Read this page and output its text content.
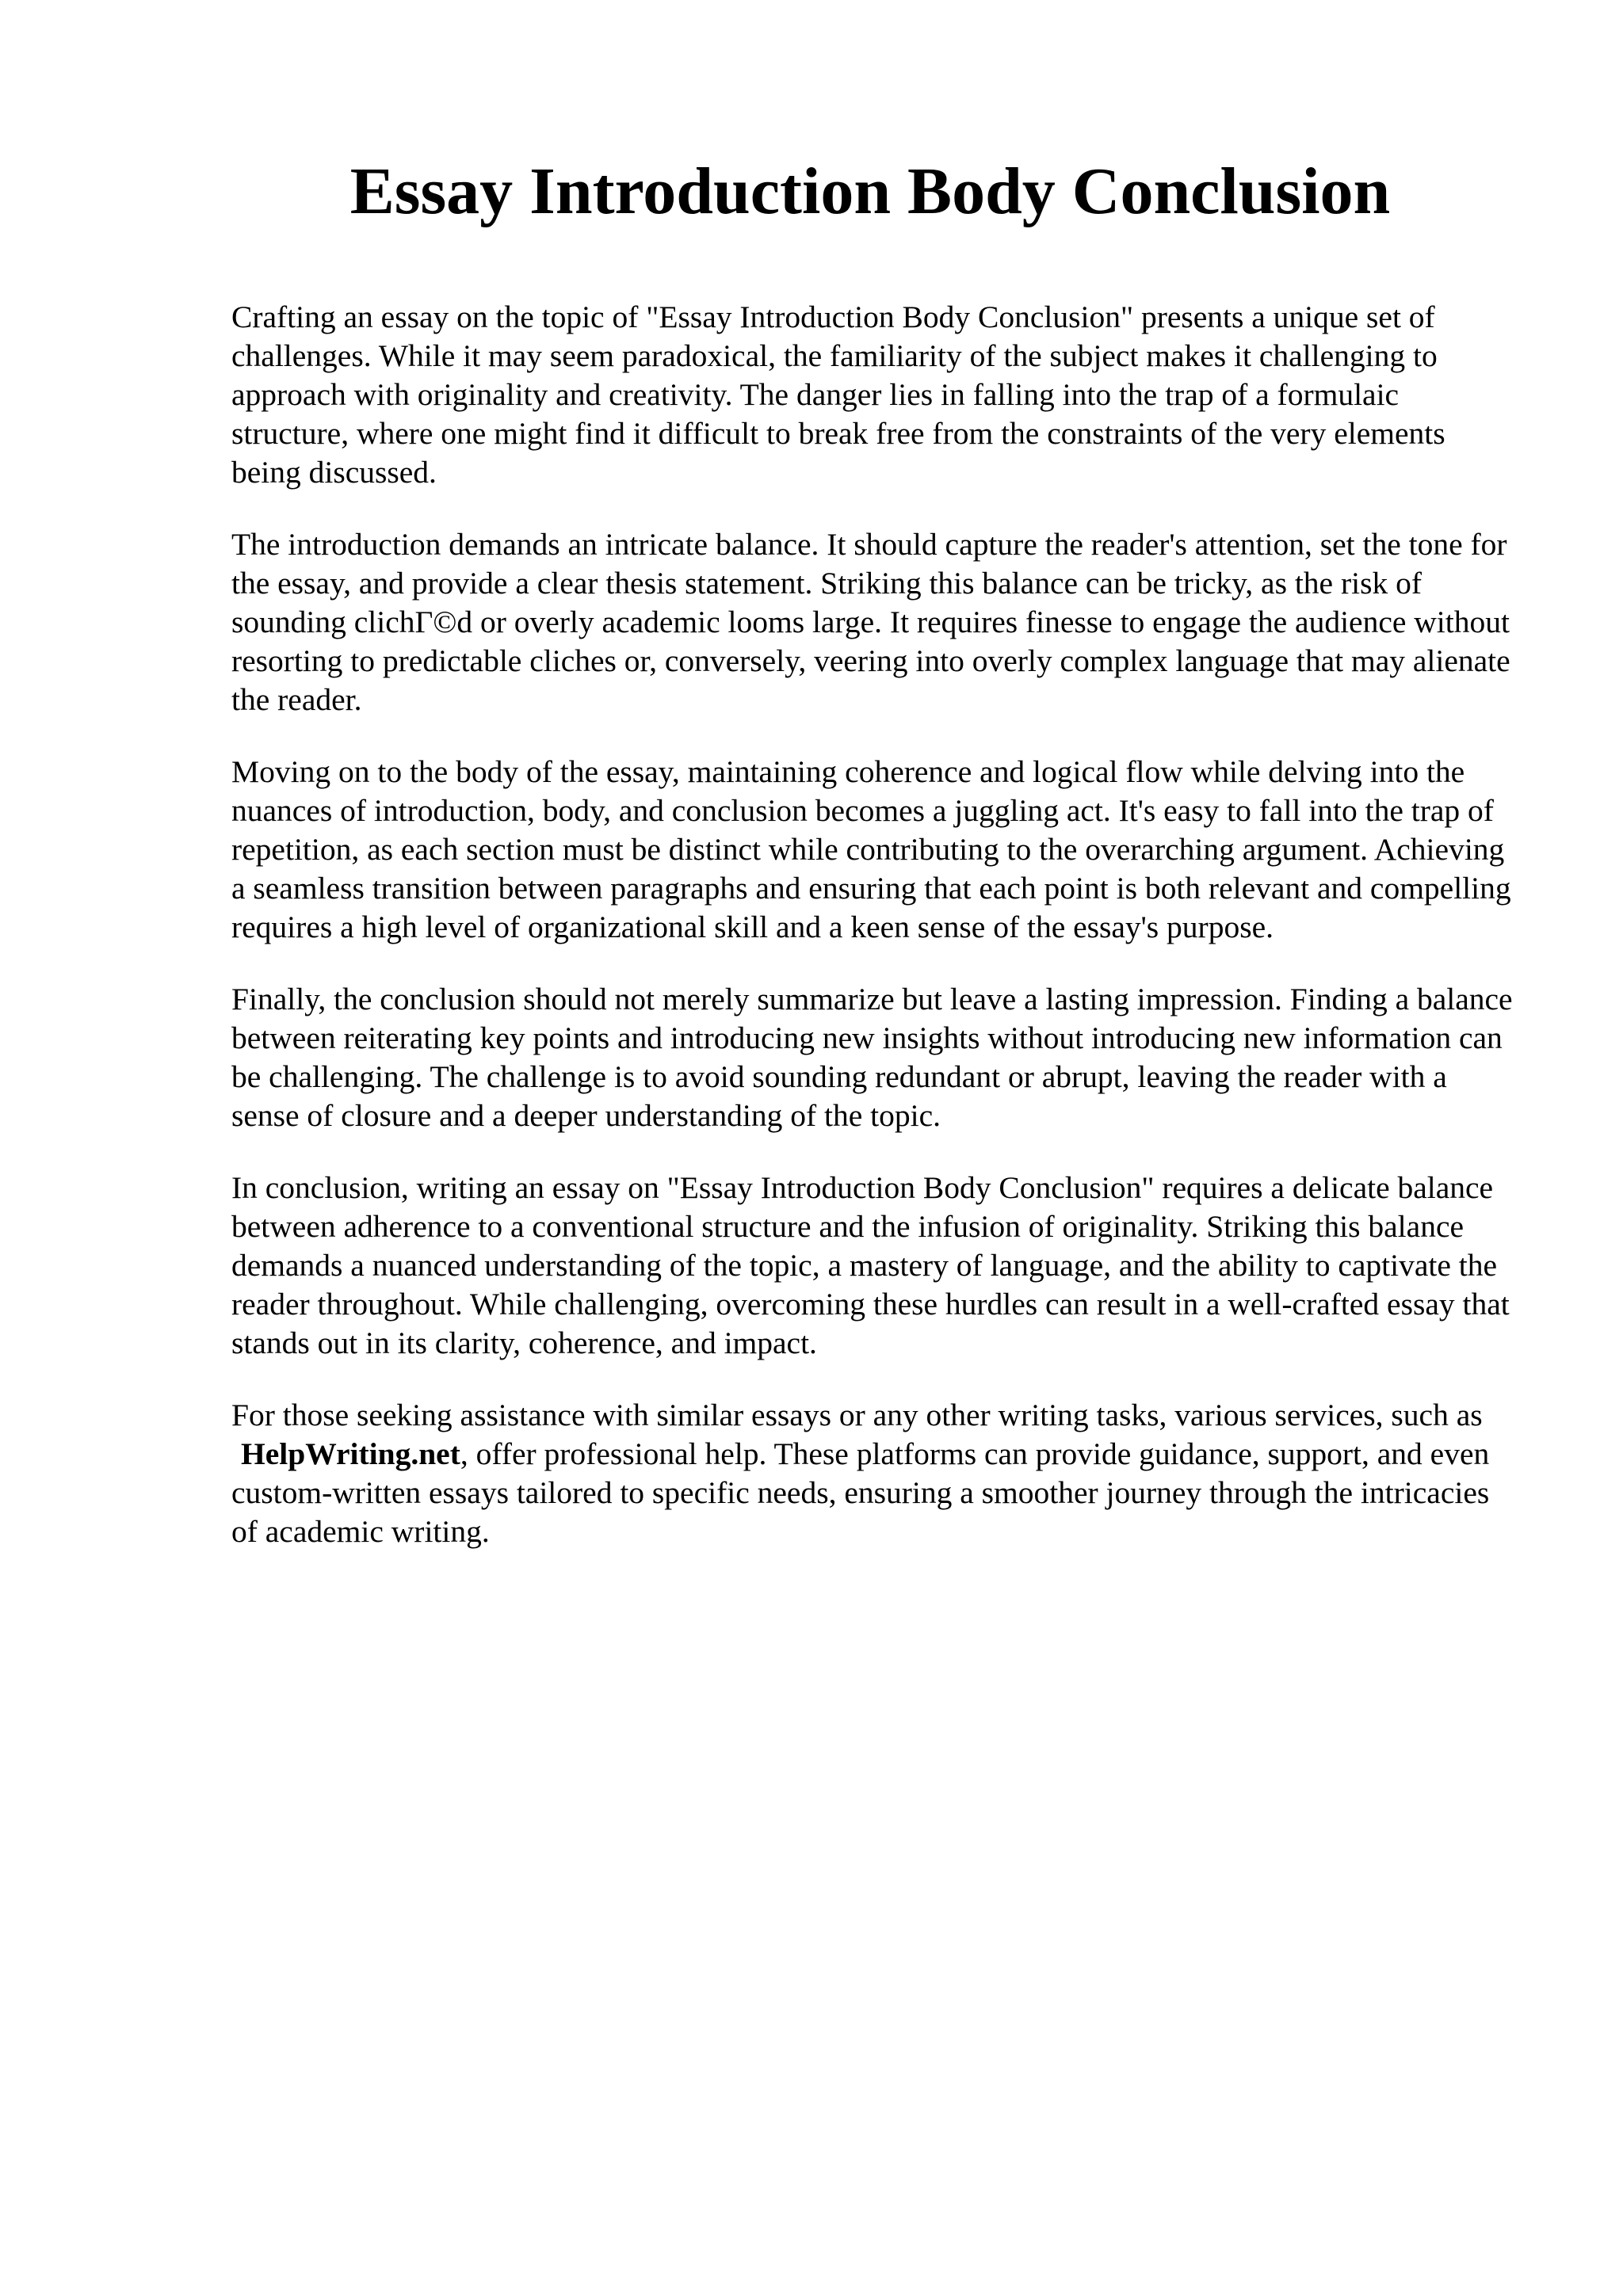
Essay Introduction Body Conclusion

Crafting an essay on the topic of "Essay Introduction Body Conclusion" presents a unique set of challenges. While it may seem paradoxical, the familiarity of the subject makes it challenging to approach with originality and creativity. The danger lies in falling into the trap of a formulaic structure, where one might find it difficult to break free from the constraints of the very elements being discussed.

The introduction demands an intricate balance. It should capture the reader's attention, set the tone for the essay, and provide a clear thesis statement. Striking this balance can be tricky, as the risk of sounding clichГ©d or overly academic looms large. It requires finesse to engage the audience without resorting to predictable cliches or, conversely, veering into overly complex language that may alienate the reader.

Moving on to the body of the essay, maintaining coherence and logical flow while delving into the nuances of introduction, body, and conclusion becomes a juggling act. It's easy to fall into the trap of repetition, as each section must be distinct while contributing to the overarching argument. Achieving a seamless transition between paragraphs and ensuring that each point is both relevant and compelling requires a high level of organizational skill and a keen sense of the essay's purpose.

Finally, the conclusion should not merely summarize but leave a lasting impression. Finding a balance between reiterating key points and introducing new insights without introducing new information can be challenging. The challenge is to avoid sounding redundant or abrupt, leaving the reader with a sense of closure and a deeper understanding of the topic.

In conclusion, writing an essay on "Essay Introduction Body Conclusion" requires a delicate balance between adherence to a conventional structure and the infusion of originality. Striking this balance demands a nuanced understanding of the topic, a mastery of language, and the ability to captivate the reader throughout. While challenging, overcoming these hurdles can result in a well-crafted essay that stands out in its clarity, coherence, and impact.

For those seeking assistance with similar essays or any other writing tasks, various services, such as HelpWriting.net, offer professional help. These platforms can provide guidance, support, and even custom-written essays tailored to specific needs, ensuring a smoother journey through the intricacies of academic writing.
